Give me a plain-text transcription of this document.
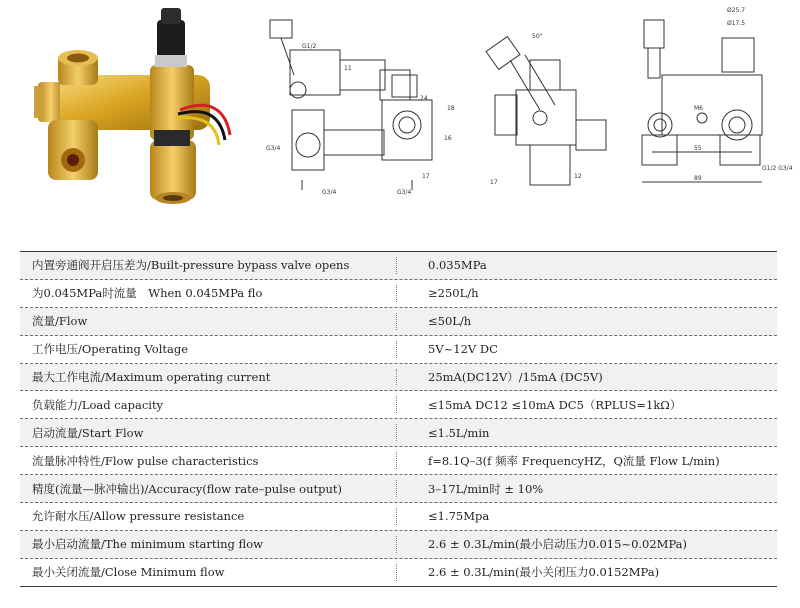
G1/2
11
24
18
G3/4
17
G3/4
16
G3/4
50°
17
12
Ø25.7
Ø17.5
M6
55
89
G1/2 G3/4
内置旁通阀开启压差为/Built-pressure bypass valve opens	0.035MPa
为0.045MPa时流量　When 0.045MPa flo	≥250L/h
流量/Flow	≤50L/h
工作电压/Operating Voltage	5V~12V DC
最大工作电流/Maximum operating current	25mA(DC12V）/15mA (DC5V)
负载能力/Load capacity	≤15mA DC12 ≤10mA DC5（RPLUS=1kΩ）
启动流量/Start Flow	≤1.5L/min
流量脉冲特性/Flow pulse characteristics	f=8.1Q–3(f 频率 FrequencyHZ，Q流量 Flow L/min)
精度(流量—脉冲输出)/Accuracy(flow rate–pulse output)	3–17L/min时 ± 10%
允许耐水压/Allow pressure resistance	≤1.75Mpa
最小启动流量/The minimum starting flow	2.6 ± 0.3L/min(最小启动压力0.015~0.02MPa)
最小关闭流量/Close Minimum flow	2.6 ± 0.3L/min(最小关闭压力0.0152MPa)
